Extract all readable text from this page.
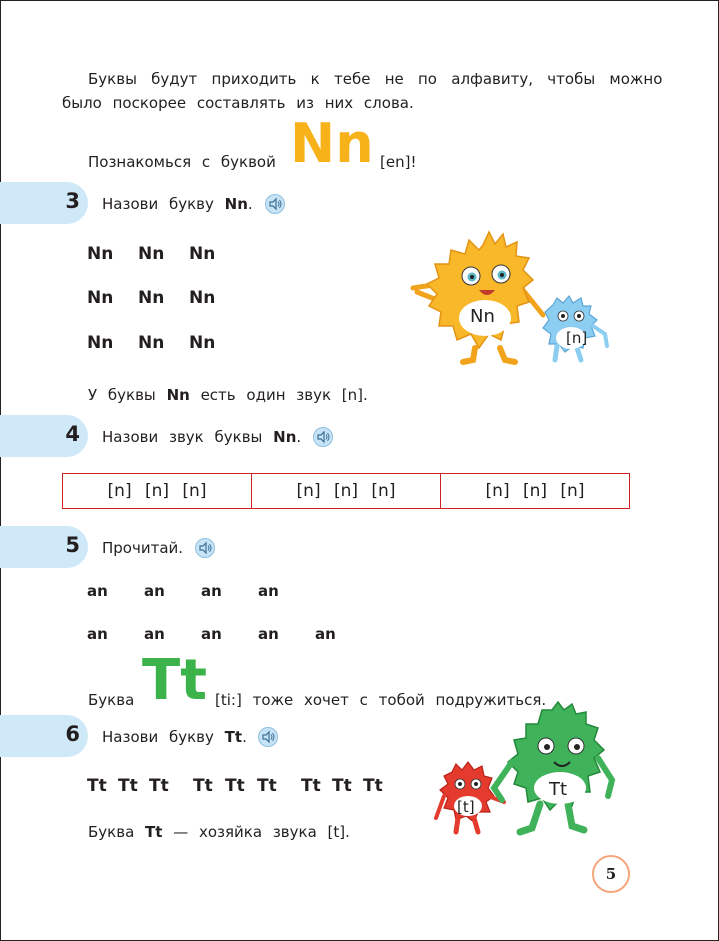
Буквы будут приходить к тебе не по алфавиту, чтобы можно
было поскорее составлять из них слова.
Познакомься с буквой Nn [en]!
3 Назови букву Nn.
Nn Nn Nn
Nn Nn Nn
Nn Nn Nn
Nn
[n]
У буквы Nn есть один звук [n].
4 Назови звук буквы Nn.
[n] [n] [n]	[n] [n] [n]	[n] [n] [n]
5 Прочитай.
an an an an
an an an an an
Буква Tt [ti:] тоже хочет с тобой подружиться.
6 Назови букву Tt.
Tt Tt Tt Tt Tt Tt Tt Tt Tt	Tt
[t]
Буква Tt — хозяйка звука [t].
5
